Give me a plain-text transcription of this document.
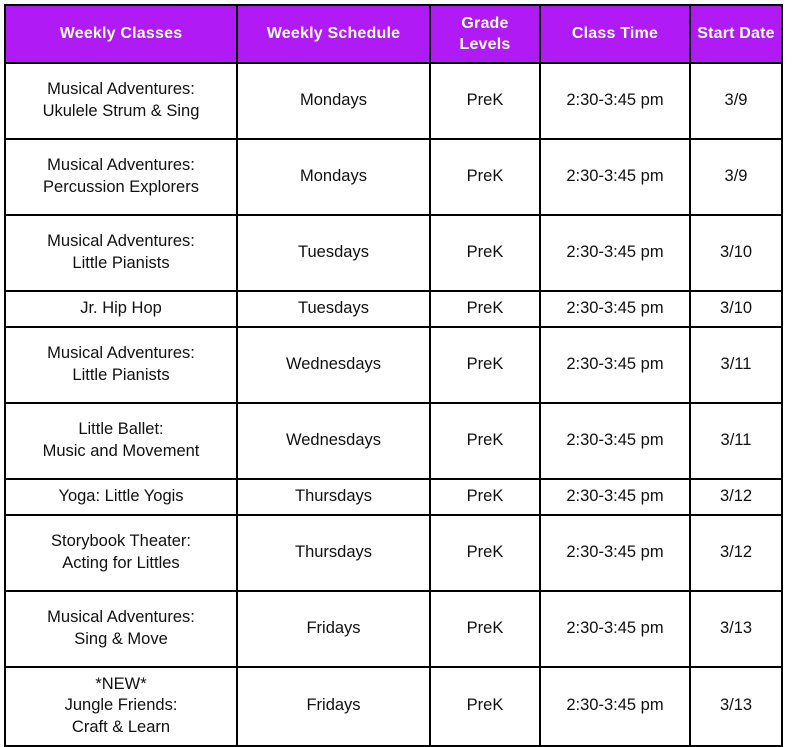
Weekly Classes	Weekly Schedule	Grade Levels	Class Time	Start Date

Musical Adventures:
Ukulele Strum & Sing	Mondays	PreK	2:30-3:45 pm	3/9

Musical Adventures:
Percussion Explorers	Mondays	PreK	2:30-3:45 pm	3/9

Musical Adventures:
Little Pianists	Tuesdays	PreK	2:30-3:45 pm	3/10

Jr. Hip Hop	Tuesdays	PreK	2:30-3:45 pm	3/10

Musical Adventures:
Little Pianists	Wednesdays	PreK	2:30-3:45 pm	3/11

Little Ballet:
Music and Movement	Wednesdays	PreK	2:30-3:45 pm	3/11

Yoga: Little Yogis	Thursdays	PreK	2:30-3:45 pm	3/12

Storybook Theater:
Acting for Littles	Thursdays	PreK	2:30-3:45 pm	3/12

Musical Adventures:
Sing & Move	Fridays	PreK	2:30-3:45 pm	3/13

*NEW*
Jungle Friends:
Craft & Learn	Fridays	PreK	2:30-3:45 pm	3/13
